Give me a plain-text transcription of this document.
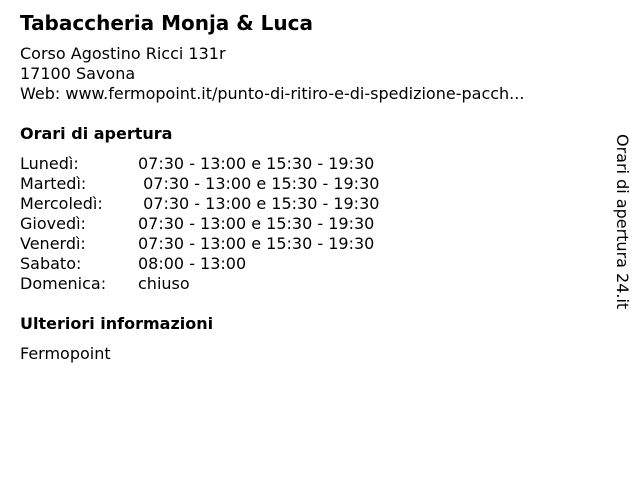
Tabaccheria Monja & Luca
Corso Agostino Ricci 131r
17100 Savona
Web: www.fermopoint.it/punto-di-ritiro-e-di-spedizione-pacch...
Orari di apertura
Lunedì:	07:30 - 13:00 e 15:30 - 19:30
Martedì:	07:30 - 13:00 e 15:30 - 19:30
Mercoledì:	07:30 - 13:00 e 15:30 - 19:30
Giovedì:	07:30 - 13:00 e 15:30 - 19:30
Venerdì:	07:30 - 13:00 e 15:30 - 19:30
Sabato:	08:00 - 13:00
Domenica:	chiuso
Ulteriori informazioni
Fermopoint
Orari di apertura 24.it
